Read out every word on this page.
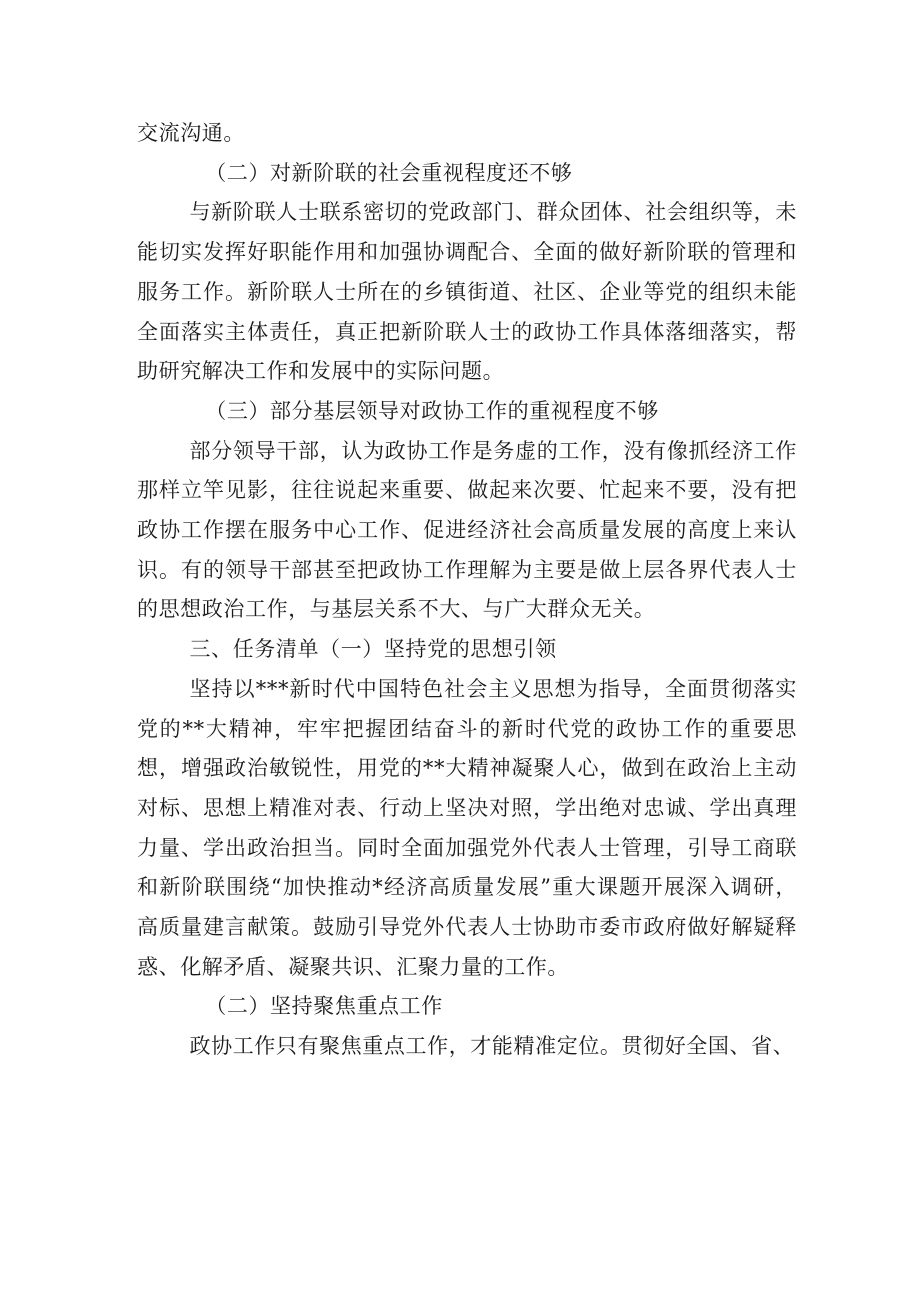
交流沟通。

（二）对新阶联的社会重视程度还不够

与新阶联人士联系密切的党政部门、群众团体、社会组织等，未能切实发挥好职能作用和加强协调配合、全面的做好新阶联的管理和服务工作。新阶联人士所在的乡镇街道、社区、企业等党的组织未能全面落实主体责任，真正把新阶联人士的政协工作具体落细落实，帮助研究解决工作和发展中的实际问题。

（三）部分基层领导对政协工作的重视程度不够

部分领导干部，认为政协工作是务虚的工作，没有像抓经济工作那样立竿见影，往往说起来重要、做起来次要、忙起来不要，没有把政协工作摆在服务中心工作、促进经济社会高质量发展的高度上来认识。有的领导干部甚至把政协工作理解为主要是做上层各界代表人士的思想政治工作，与基层关系不大、与广大群众无关。

三、任务清单（一）坚持党的思想引领

坚持以***新时代中国特色社会主义思想为指导，全面贯彻落实党的**大精神，牢牢把握团结奋斗的新时代党的政协工作的重要思想，增强政治敏锐性，用党的**大精神凝聚人心，做到在政治上主动对标、思想上精准对表、行动上坚决对照，学出绝对忠诚、学出真理力量、学出政治担当。同时全面加强党外代表人士管理，引导工商联和新阶联围绕“加快推动*经济高质量发展”重大课题开展深入调研，高质量建言献策。鼓励引导党外代表人士协助市委市政府做好解疑释惑、化解矛盾、凝聚共识、汇聚力量的工作。

（二）坚持聚焦重点工作

政协工作只有聚焦重点工作，才能精准定位。贯彻好全国、省、
